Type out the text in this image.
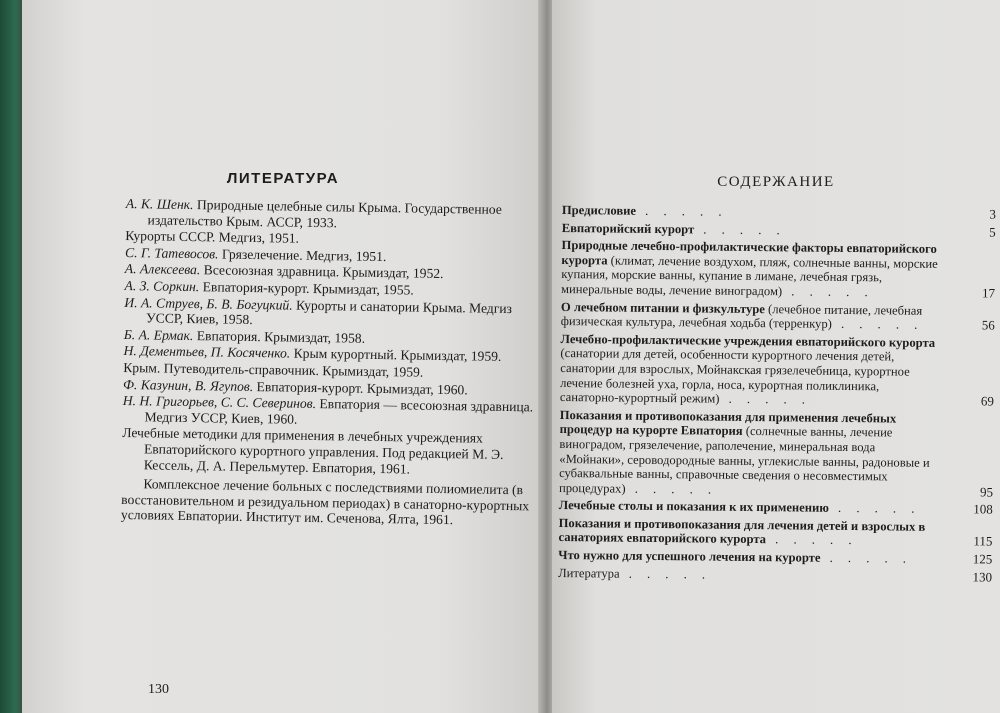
ЛИТЕРАТУРА
А. К. Шенк. Природные целебные силы Крыма. Государственное издательство Крым. АССР, 1933.
Курорты СССР. Медгиз, 1951.
С. Г. Татевосов. Грязелечение. Медгиз, 1951.
А. Алексеева. Всесоюзная здравница. Крымиздат, 1952.
А. З. Соркин. Евпатория-курорт. Крымиздат, 1955.
И. А. Струев, Б. В. Богуцкий. Курорты и санатории Крыма. Медгиз УССР, Киев, 1958.
Б. А. Ермак. Евпатория. Крымиздат, 1958.
Н. Дементьев, П. Косяченко. Крым курортный. Крымиздат, 1959.
Крым. Путеводитель-справочник. Крымиздат, 1959.
Ф. Казунин, В. Ягупов. Евпатория-курорт. Крымиздат, 1960.
Н. Н. Григорьев, С. С. Северинов. Евпатория — всесоюзная здравница. Медгиз УССР, Киев, 1960.
Лечебные методики для применения в лечебных учреждениях Евпаторийского курортного управления. Под редакцией М. Э. Кессель, Д. А. Перельмутер. Евпатория, 1961.
Комплексное лечение больных с последствиями полиомиелита (в восстановительном и резидуальном периодах) в санаторно-курортных условиях Евпатории. Институт им. Сеченова, Ялта, 1961.
130
СОДЕРЖАНИЕ
Предисловие . . . . .	3
Евпаторийский курорт . . . . .	5
Природные лечебно-профилактические факторы евпаторийского курорта (климат, лечение воздухом, пляж, солнечные ванны, морские купания, морские ванны, купание в лимане, лечебная грязь, минеральные воды, лечение виноградом) . . . . .	17
О лечебном питании и физкультуре (лечебное питание, лечебная физическая культура, лечебная ходьба (терренкур) . . . . .	56
Лечебно-профилактические учреждения евпаторийского курорта (санатории для детей, особенности курортного лечения детей, санатории для взрослых, Мойнакская грязелечебница, курортное лечение болезней уха, горла, носа, курортная поликлиника, санаторно-курортный режим) . . . . .	69
Показания и противопоказания для применения лечебных процедур на курорте Евпатория (солнечные ванны, лечение виноградом, грязелечение, раполечение, минеральная вода «Мойнаки», сероводородные ванны, углекислые ванны, радоновые и субаквальные ванны, справочные сведения о несовместимых процедурах) . . . . .	95
Лечебные столы и показания к их применению . . . . .	108
Показания и противопоказания для лечения детей и взрослых в санаториях евпаторийского курорта . . . . .	115
Что нужно для успешного лечения на курорте . . . . .	125
Литература . . . . .	130
